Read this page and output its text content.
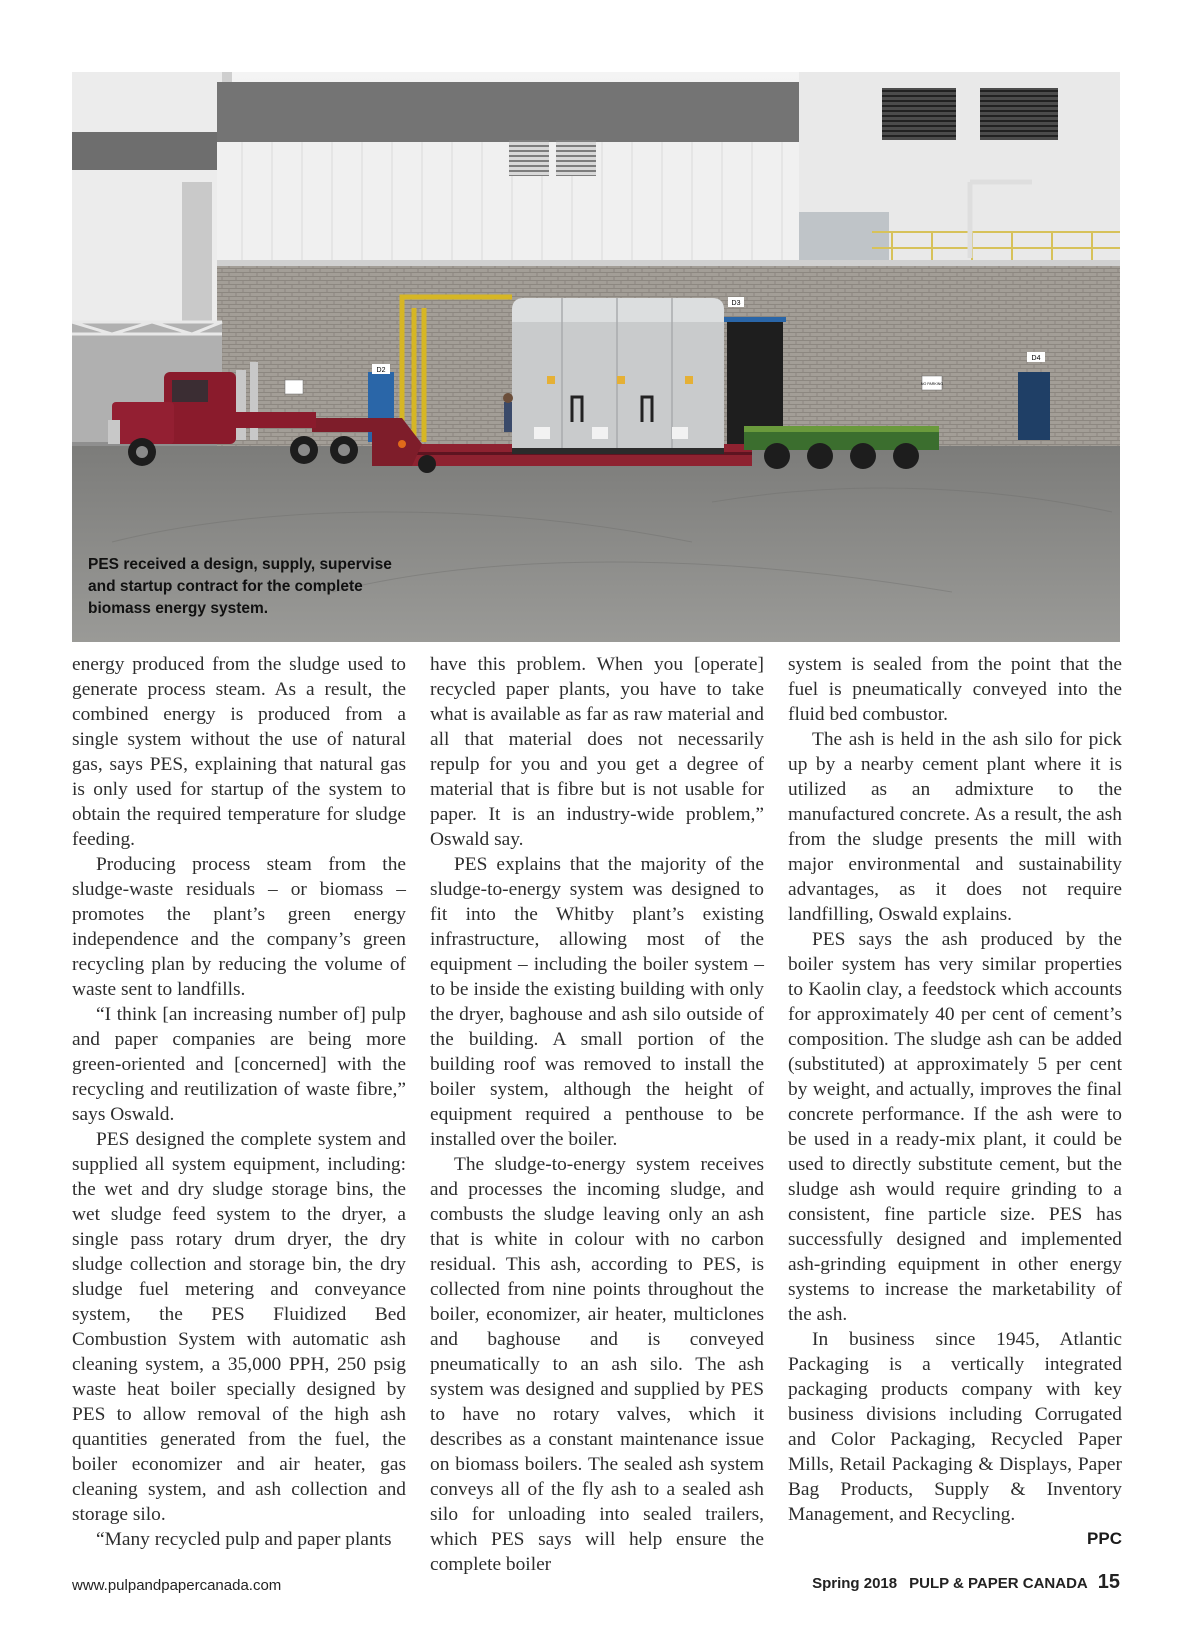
D2
D3
D4
NO PARKING
PES received a design, supply, supervise and startup contract for the complete biomass energy system.

energy produced from the sludge used to generate process steam. As a result, the combined energy is produced from a single system without the use of natural gas, says PES, explaining that natural gas is only used for startup of the system to obtain the required temperature for sludge feeding.

Producing process steam from the sludge-waste residuals – or biomass – promotes the plant’s green energy independence and the company’s green recycling plan by reducing the volume of waste sent to landfills.

“I think [an increasing number of] pulp and paper companies are being more green-oriented and [concerned] with the recycling and reutilization of waste fibre,” says Oswald.

PES designed the complete system and supplied all system equipment, including: the wet and dry sludge storage bins, the wet sludge feed system to the dryer, a single pass rotary drum dryer, the dry sludge collection and storage bin, the dry sludge fuel metering and conveyance system, the PES Fluidized Bed Combustion System with automatic ash cleaning system, a 35,000 PPH, 250 psig waste heat boiler specially designed by PES to allow removal of the high ash quantities generated from the fuel, the boiler economizer and air heater, gas cleaning system, and ash collection and storage silo.

“Many recycled pulp and paper plants

have this problem. When you [operate] recycled paper plants, you have to take what is available as far as raw material and all that material does not necessarily repulp for you and you get a degree of material that is fibre but is not usable for paper. It is an industry-wide problem,” Oswald say.

PES explains that the majority of the sludge-to-energy system was designed to fit into the Whitby plant’s existing infrastructure, allowing most of the equipment – including the boiler system – to be inside the existing building with only the dryer, baghouse and ash silo outside of the building. A small portion of the building roof was removed to install the boiler system, although the height of equipment required a penthouse to be installed over the boiler.

The sludge-to-energy system receives and processes the incoming sludge, and combusts the sludge leaving only an ash that is white in colour with no carbon residual. This ash, according to PES, is collected from nine points throughout the boiler, economizer, air heater, multiclones and baghouse and is conveyed pneumatically to an ash silo. The ash system was designed and supplied by PES to have no rotary valves, which it describes as a constant maintenance issue on biomass boilers. The sealed ash system conveys all of the fly ash to a sealed ash silo for unloading into sealed trailers, which PES says will help ensure the complete boiler

system is sealed from the point that the fuel is pneumatically conveyed into the fluid bed combustor.

The ash is held in the ash silo for pick up by a nearby cement plant where it is utilized as an admixture to the manufactured concrete. As a result, the ash from the sludge presents the mill with major environmental and sustainability advantages, as it does not require landfilling, Oswald explains.

PES says the ash produced by the boiler system has very similar properties to Kaolin clay, a feedstock which accounts for approximately 40 per cent of cement’s composition. The sludge ash can be added (substituted) at approximately 5 per cent by weight, and actually, improves the final concrete performance. If the ash were to be used in a ready-mix plant, it could be used to directly substitute cement, but the sludge ash would require grinding to a consistent, fine particle size. PES has successfully designed and implemented ash-grinding equipment in other energy systems to increase the marketability of the ash.

In business since 1945, Atlantic Packaging is a vertically integrated packaging products company with key business divisions including Corrugated and Color Packaging, Recycled Paper Mills, Retail Packaging & Displays, Paper Bag Products, Supply & Inventory Management, and Recycling.

PPC
www.pulpandpapercanada.com	Spring 2018 PULP & PAPER CANADA 15
